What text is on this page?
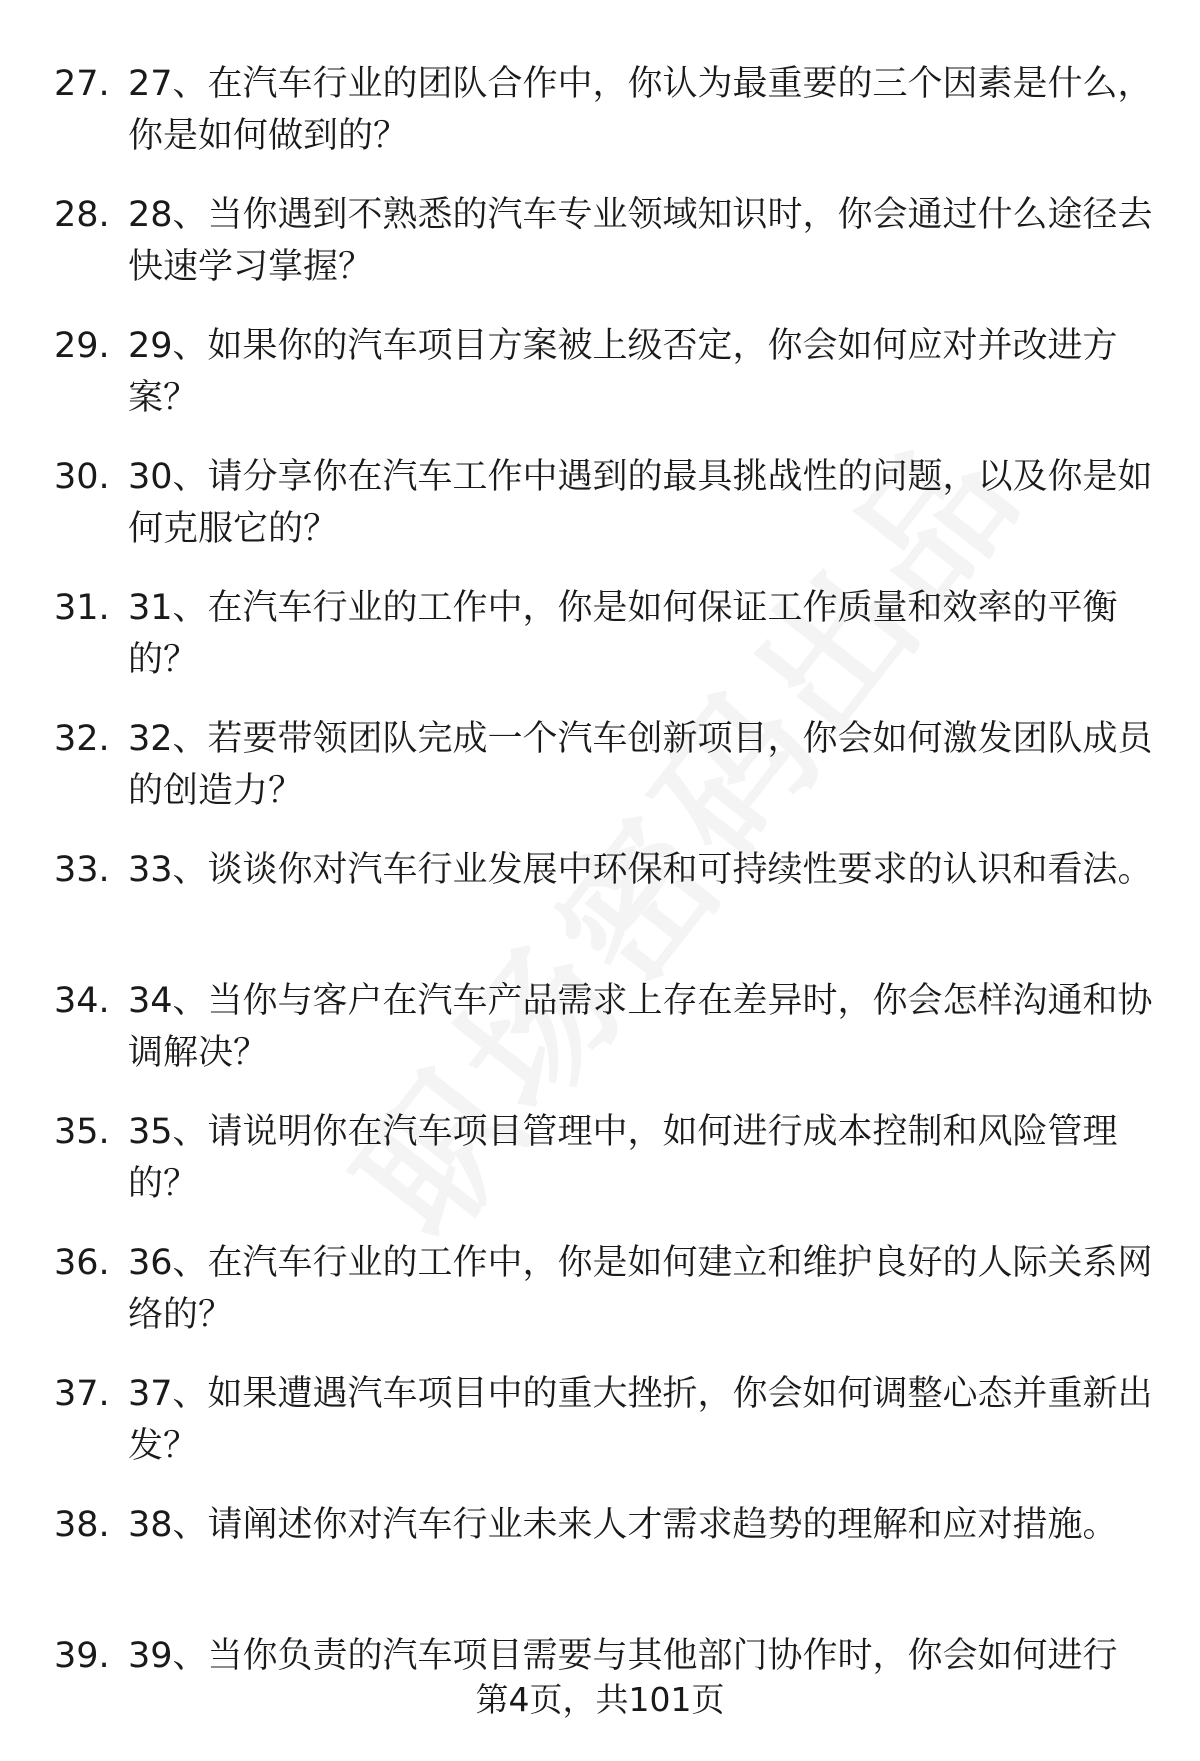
27. 27、在汽车行业的团队合作中，你认为最重要的三个因素是什么，你是如何做到的？
28. 28、当你遇到不熟悉的汽车专业领域知识时，你会通过什么途径去快速学习掌握？
29. 29、如果你的汽车项目方案被上级否定，你会如何应对并改进方案？
30. 30、请分享你在汽车工作中遇到的最具挑战性的问题，以及你是如何克服它的？
31. 31、在汽车行业的工作中，你是如何保证工作质量和效率的平衡的？
32. 32、若要带领团队完成一个汽车创新项目，你会如何激发团队成员的创造力？
33. 33、谈谈你对汽车行业发展中环保和可持续性要求的认识和看法。
34. 34、当你与客户在汽车产品需求上存在差异时，你会怎样沟通和协调解决？
35. 35、请说明你在汽车项目管理中，如何进行成本控制和风险管理的？
36. 36、在汽车行业的工作中，你是如何建立和维护良好的人际关系网络的？
37. 37、如果遭遇汽车项目中的重大挫折，你会如何调整心态并重新出发？
38. 38、请阐述你对汽车行业未来人才需求趋势的理解和应对措施。
39. 39、当你负责的汽车项目需要与其他部门协作时，你会如何进行
第4页，共101页
